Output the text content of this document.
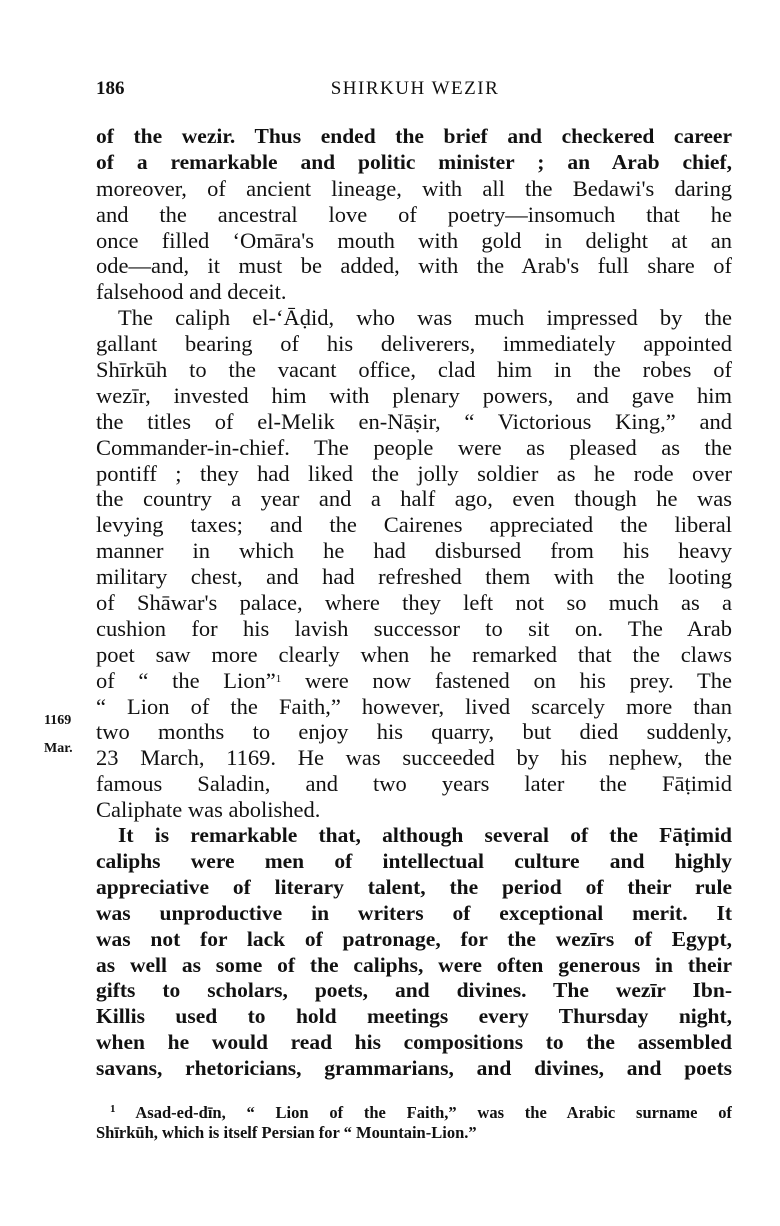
186	SHIRKUH WEZIR
1169
Mar.
of the wezir. Thus ended the brief and checkered career
of a remarkable and politic minister ; an Arab chief,
moreover, of ancient lineage, with all the Bedawi's daring
and the ancestral love of poetry—insomuch that he
once filled ‘Omāra's mouth with gold in delight at an
ode—and, it must be added, with the Arab's full share of
falsehood and deceit.
The caliph el-‘Āḍid, who was much impressed by the
gallant bearing of his deliverers, immediately appointed
Shīrkūh to the vacant office, clad him in the robes of
wezīr, invested him with plenary powers, and gave him
the titles of el-Melik en-Nāṣir, “ Victorious King,” and
Commander-in-chief. The people were as pleased as the
pontiff ; they had liked the jolly soldier as he rode over
the country a year and a half ago, even though he was
levying taxes; and the Cairenes appreciated the liberal
manner in which he had disbursed from his heavy
military chest, and had refreshed them with the looting
of Shāwar's palace, where they left not so much as a
cushion for his lavish successor to sit on. The Arab
poet saw more clearly when he remarked that the claws
of “ the Lion”$^1$ were now fastened on his prey. The
“ Lion of the Faith,” however, lived scarcely more than
two months to enjoy his quarry, but died suddenly,
23 March, 1169. He was succeeded by his nephew, the
famous Saladin, and two years later the Fāṭimid
Caliphate was abolished.
It is remarkable that, although several of the Fāṭimid
caliphs were men of intellectual culture and highly
appreciative of literary talent, the period of their rule
was unproductive in writers of exceptional merit. It
was not for lack of patronage, for the wezīrs of Egypt,
as well as some of the caliphs, were often generous in their
gifts to scholars, poets, and divines. The wezīr Ibn-
Killis used to hold meetings every Thursday night,
when he would read his compositions to the assembled
savans, rhetoricians, grammarians, and divines, and poets
$^1$ Asad-ed-dīn, “ Lion of the Faith,” was the Arabic surname of
Shīrkūh, which is itself Persian for “ Mountain-Lion.”
